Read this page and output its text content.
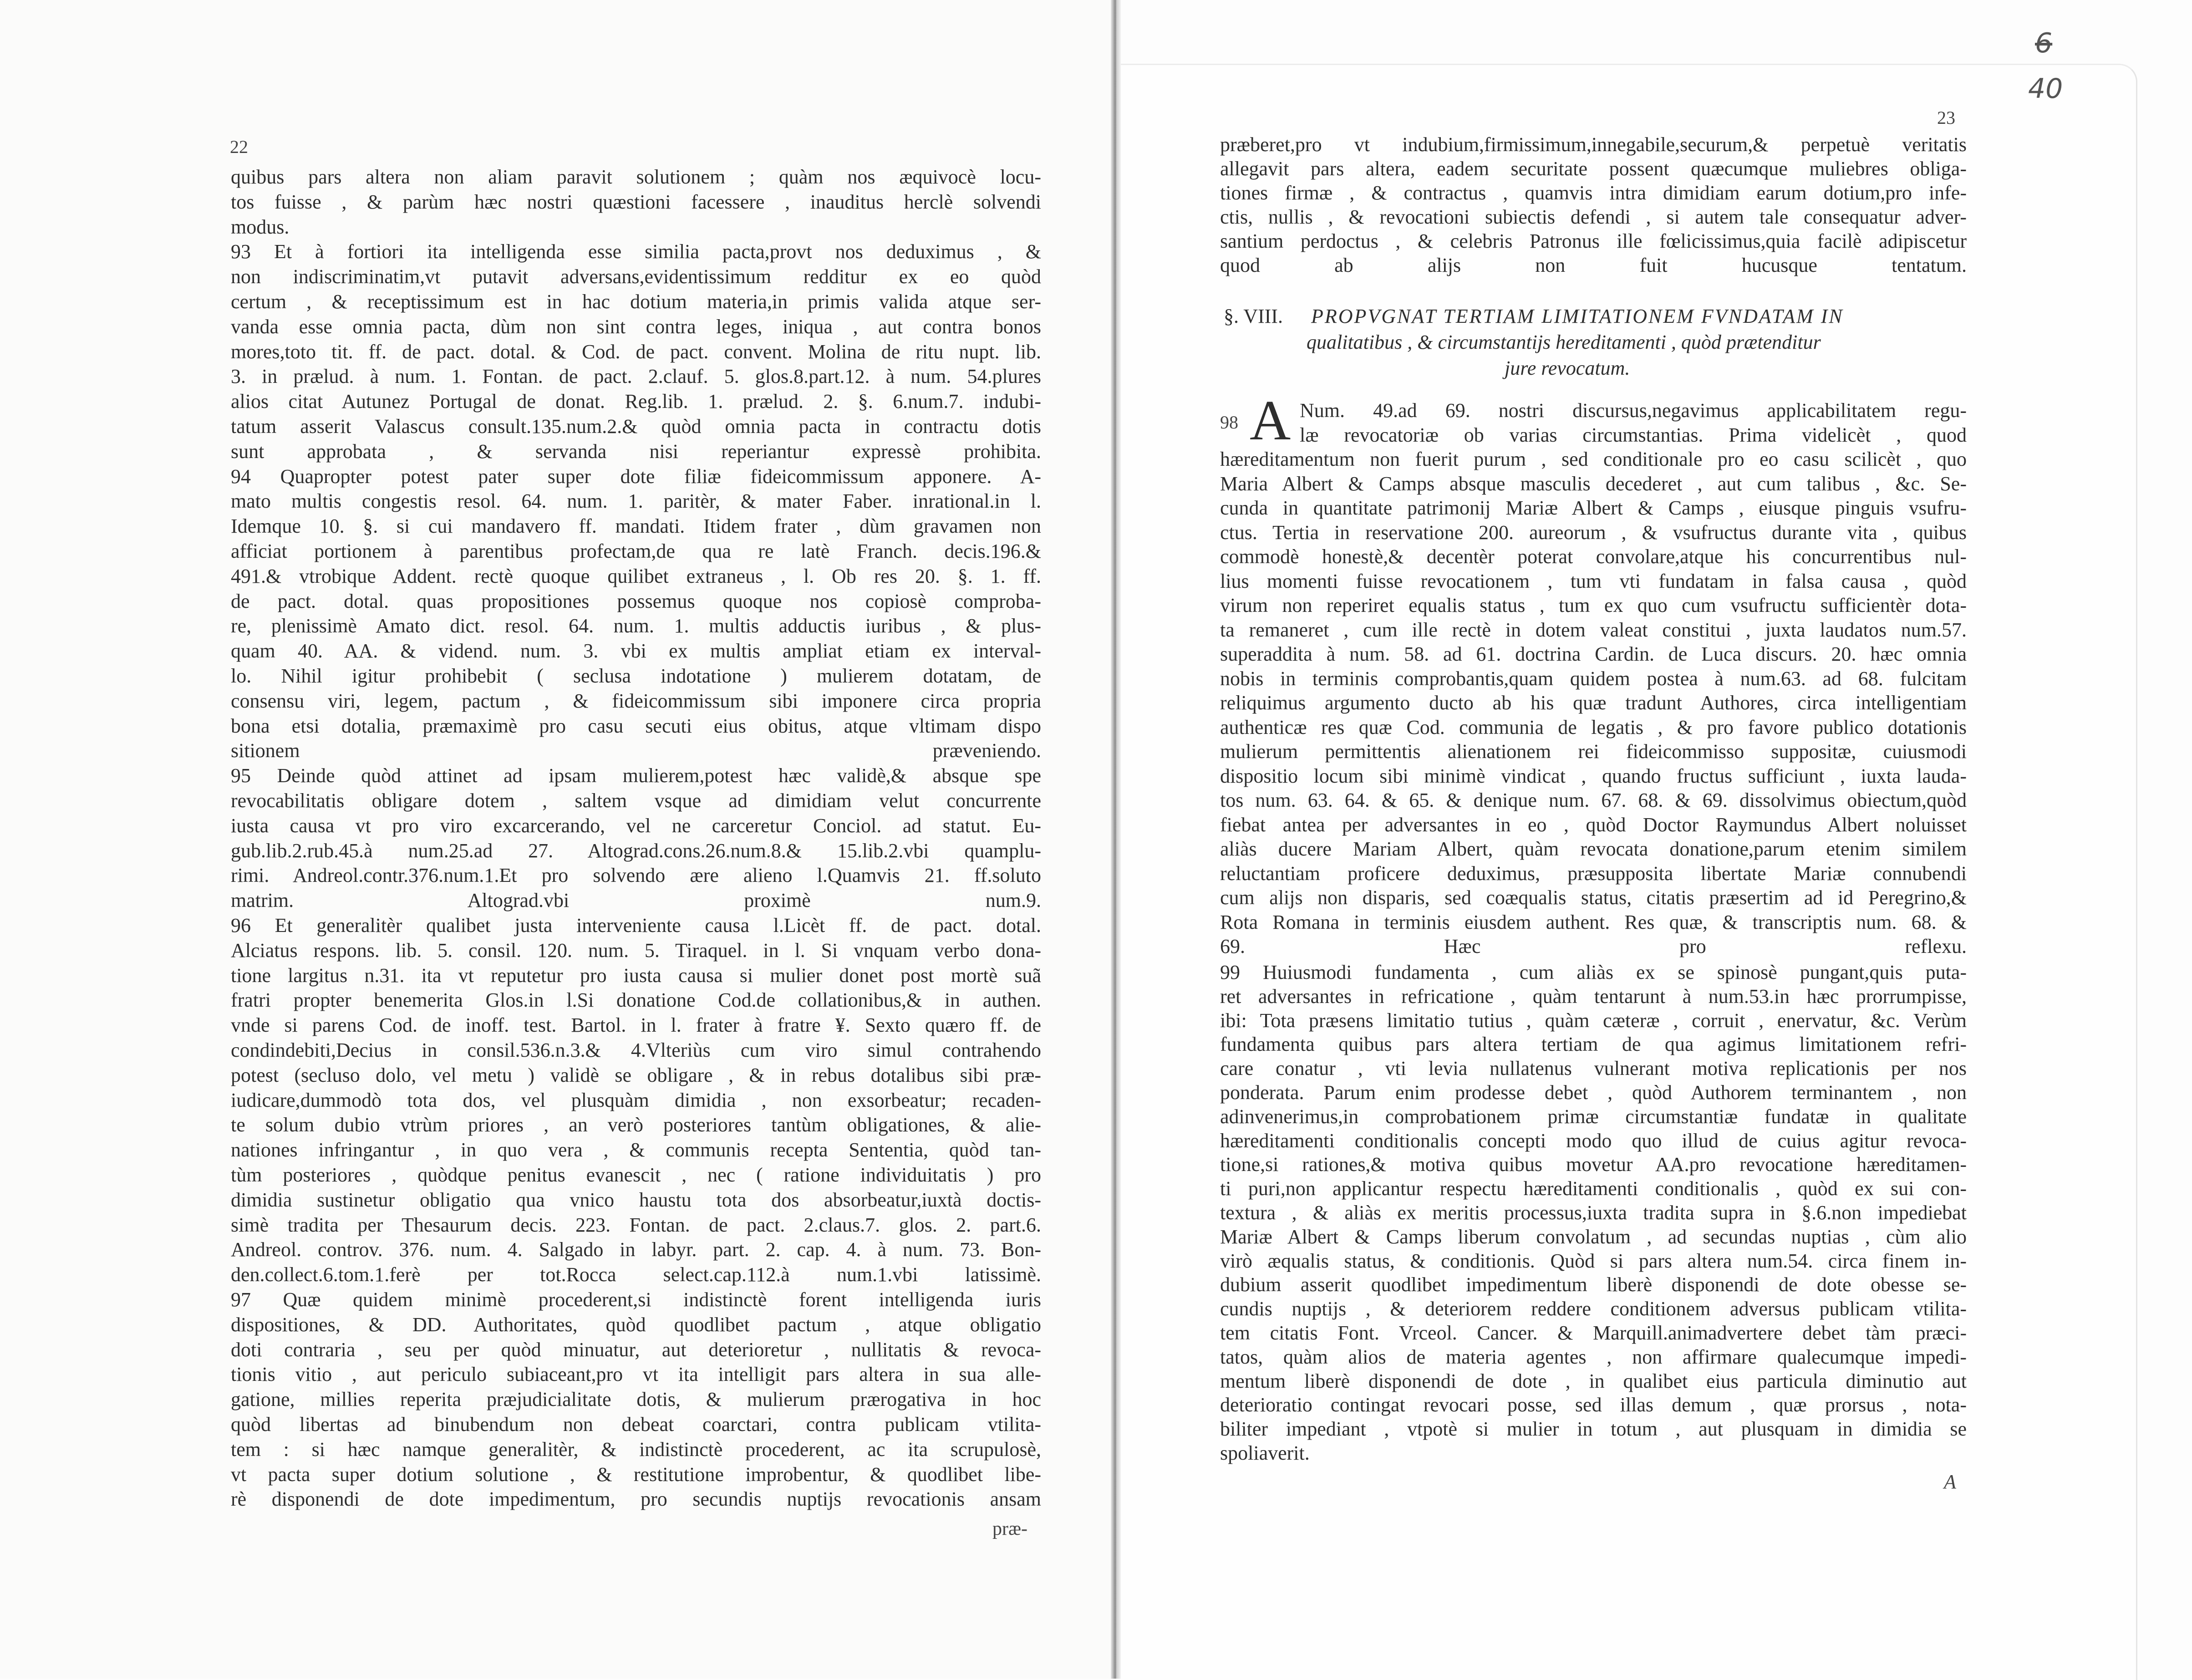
22
quibus pars altera non aliam paravit solutionem ; quàm nos æquivocè locu-
tos fuisse , & parùm hæc nostri quæstioni facessere , inauditus herclè solvendi
modus.
93 Et à fortiori ita intelligenda esse similia pacta,provt nos deduximus , &
non indiscriminatim,vt putavit adversans,evidentissimum redditur ex eo quòd
certum , & receptissimum est in hac dotium materia,in primis valida atque ser-
vanda esse omnia pacta, dùm non sint contra leges, iniqua , aut contra bonos
mores,toto tit. ff. de pact. dotal. & Cod. de pact. convent. Molina de ritu nupt. lib.
3. in prælud. à num. 1. Fontan. de pact. 2.clauf. 5. glos.8.part.12. à num. 54.plures
alios citat Autunez Portugal de donat. Reg.lib. 1. prælud. 2. §. 6.num.7. indubi-
tatum asserit Valascus consult.135.num.2.& quòd omnia pacta in contractu dotis
sunt approbata , & servanda nisi reperiantur expressè prohibita.
94 Quapropter potest pater super dote filiæ fideicommissum apponere. A-
mato multis congestis resol. 64. num. 1. paritèr, & mater Faber. inrational.in l.
Idemque 10. §. si cui mandavero ff. mandati. Itidem frater , dùm gravamen non
afficiat portionem à parentibus profectam,de qua re latè Franch. decis.196.&
491.& vtrobique Addent. rectè quoque quilibet extraneus , l. Ob res 20. §. 1. ff.
de pact. dotal. quas propositiones possemus quoque nos copiosè comproba-
re, plenissimè Amato dict. resol. 64. num. 1. multis adductis iuribus , & plus-
quam 40. AA. & vidend. num. 3. vbi ex multis ampliat etiam ex interval-
lo. Nihil igitur prohibebit ( seclusa indotatione ) mulierem dotatam, de
consensu viri, legem, pactum , & fideicommissum sibi imponere circa propria
bona etsi dotalia, præmaximè pro casu secuti eius obitus, atque vltimam dispo
sitionem præveniendo.
95 Deinde quòd attinet ad ipsam mulierem,potest hæc validè,& absque spe
revocabilitatis obligare dotem , saltem vsque ad dimidiam velut concurrente
iusta causa vt pro viro excarcerando, vel ne carceretur Conciol. ad statut. Eu-
gub.lib.2.rub.45.à num.25.ad 27. Altograd.cons.26.num.8.& 15.lib.2.vbi quamplu-
rimi. Andreol.contr.376.num.1.Et pro solvendo ære alieno l.Quamvis 21. ff.soluto
matrim. Altograd.vbi proximè num.9.
96 Et generalitèr qualibet justa interveniente causa l.Licèt ff. de pact. dotal.
Alciatus respons. lib. 5. consil. 120. num. 5. Tiraquel. in l. Si vnquam verbo dona-
tione largitus n.31. ita vt reputetur pro iusta causa si mulier donet post mortè suã
fratri propter benemerita Glos.in l.Si donatione Cod.de collationibus,& in authen.
vnde si parens Cod. de inoff. test. Bartol. in l. frater à fratre ¥. Sexto quæro ff. de
condindebiti,Decius in consil.536.n.3.& 4.Vlteriùs cum viro simul contrahendo
potest (secluso dolo, vel metu ) validè se obligare , & in rebus dotalibus sibi præ-
iudicare,dummodò tota dos, vel plusquàm dimidia , non exsorbeatur; recaden-
te solum dubio vtrùm priores , an verò posteriores tantùm obligationes, & alie-
nationes infringantur , in quo vera , & communis recepta Sententia, quòd tan-
tùm posteriores , quòdque penitus evanescit , nec ( ratione individuitatis ) pro
dimidia sustinetur obligatio qua vnico haustu tota dos absorbeatur,iuxtà doctis-
simè tradita per Thesaurum decis. 223. Fontan. de pact. 2.claus.7. glos. 2. part.6.
Andreol. controv. 376. num. 4. Salgado in labyr. part. 2. cap. 4. à num. 73. Bon-
den.collect.6.tom.1.ferè per tot.Rocca select.cap.112.à num.1.vbi latissimè.
97 Quæ quidem minimè procederent,si indistinctè forent intelligenda iuris
dispositiones, & DD. Authoritates, quòd quodlibet pactum , atque obligatio
doti contraria , seu per quòd minuatur, aut deterioretur , nullitatis & revoca-
tionis vitio , aut periculo subiaceant,pro vt ita intelligit pars altera in sua alle-
gatione, millies reperita præjudicialitate dotis, & mulierum prærogativa in hoc
quòd libertas ad binubendum non debeat coarctari, contra publicam vtilita-
tem : si hæc namque generalitèr, & indistinctè procederent, ac ita scrupulosè,
vt pacta super dotium solutione , & restitutione improbentur, & quodlibet libe-
rè disponendi de dote impedimentum, pro secundis nuptijs revocationis ansam
præ-
23
6
40
præberet,pro vt indubium,firmissimum,innegabile,securum,& perpetuè veritatis
allegavit pars altera, eadem securitate possent quæcumque muliebres obliga-
tiones firmæ , & contractus , quamvis intra dimidiam earum dotium,pro infe-
ctis, nullis , & revocationi subiectis defendi , si autem tale consequatur adver-
santium perdoctus , & celebris Patronus ille fœlicissimus,quia facilè adipiscetur
quod ab alijs non fuit hucusque tentatum.
§. VIII. PROPVGNAT TERTIAM LIMITATIONEM FVNDATAM IN
qualitatibus , & circumstantijs hereditamenti , quòd prætenditur
jure revocatum.
98 A Num. 49.ad 69. nostri discursus,negavimus applicabilitatem regu-
læ revocatoriæ ob varias circumstantias. Prima videlicèt , quod
hæreditamentum non fuerit purum , sed conditionale pro eo casu scilicèt , quo
Maria Albert & Camps absque masculis decederet , aut cum talibus , &c. Se-
cunda in quantitate patrimonij Mariæ Albert & Camps , eiusque pinguis vsufru-
ctus. Tertia in reservatione 200. aureorum , & vsufructus durante vita , quibus
commodè honestè,& decentèr poterat convolare,atque his concurrentibus nul-
lius momenti fuisse revocationem , tum vti fundatam in falsa causa , quòd
virum non reperiret equalis status , tum ex quo cum vsufructu sufficientèr dota-
ta remaneret , cum ille rectè in dotem valeat constitui , juxta laudatos num.57.
superaddita à num. 58. ad 61. doctrina Cardin. de Luca discurs. 20. hæc omnia
nobis in terminis comprobantis,quam quidem postea à num.63. ad 68. fulcitam
reliquimus argumento ducto ab his quæ tradunt Authores, circa intelligentiam
authenticæ res quæ Cod. communia de legatis , & pro favore publico dotationis
mulierum permittentis alienationem rei fideicommisso suppositæ, cuiusmodi
dispositio locum sibi minimè vindicat , quando fructus sufficiunt , iuxta lauda-
tos num. 63. 64. & 65. & denique num. 67. 68. & 69. dissolvimus obiectum,quòd
fiebat antea per adversantes in eo , quòd Doctor Raymundus Albert noluisset
aliàs ducere Mariam Albert, quàm revocata donatione,parum etenim similem
reluctantiam proficere deduximus, præsupposita libertate Mariæ connubendi
cum alijs non disparis, sed coæqualis status, citatis præsertim ad id Peregrino,&
Rota Romana in terminis eiusdem authent. Res quæ, & transcriptis num. 68. &
69. Hæc pro reflexu.
99 Huiusmodi fundamenta , cum aliàs ex se spinosè pungant,quis puta-
ret adversantes in refricatione , quàm tentarunt à num.53.in hæc prorrumpisse,
ibi: Tota præsens limitatio tutius , quàm cæteræ , corruit , enervatur, &c. Verùm
fundamenta quibus pars altera tertiam de qua agimus limitationem refri-
care conatur , vti levia nullatenus vulnerant motiva replicationis per nos
ponderata. Parum enim prodesse debet , quòd Authorem terminantem , non
adinvenerimus,in comprobationem primæ circumstantiæ fundatæ in qualitate
hæreditamenti conditionalis concepti modo quo illud de cuius agitur revoca-
tione,si rationes,& motiva quibus movetur AA.pro revocatione hæreditamen-
ti puri,non applicantur respectu hæreditamenti conditionalis , quòd ex sui con-
textura , & aliàs ex meritis processus,iuxta tradita supra in §.6.non impediebat
Mariæ Albert & Camps liberum convolatum , ad secundas nuptias , cùm alio
virò æqualis status, & conditionis. Quòd si pars altera num.54. circa finem in-
dubium asserit quodlibet impedimentum liberè disponendi de dote obesse se-
cundis nuptijs , & deteriorem reddere conditionem adversus publicam vtilita-
tem citatis Font. Vrceol. Cancer. & Marquill.animadvertere debet tàm præci-
tatos, quàm alios de materia agentes , non affirmare qualecumque impedi-
mentum liberè disponendi de dote , in qualibet eius particula diminutio aut
deterioratio contingat revocari posse, sed illas demum , quæ prorsus , nota-
biliter impediant , vtpotè si mulier in totum , aut plusquam in dimidia se
spoliaverit.
A
